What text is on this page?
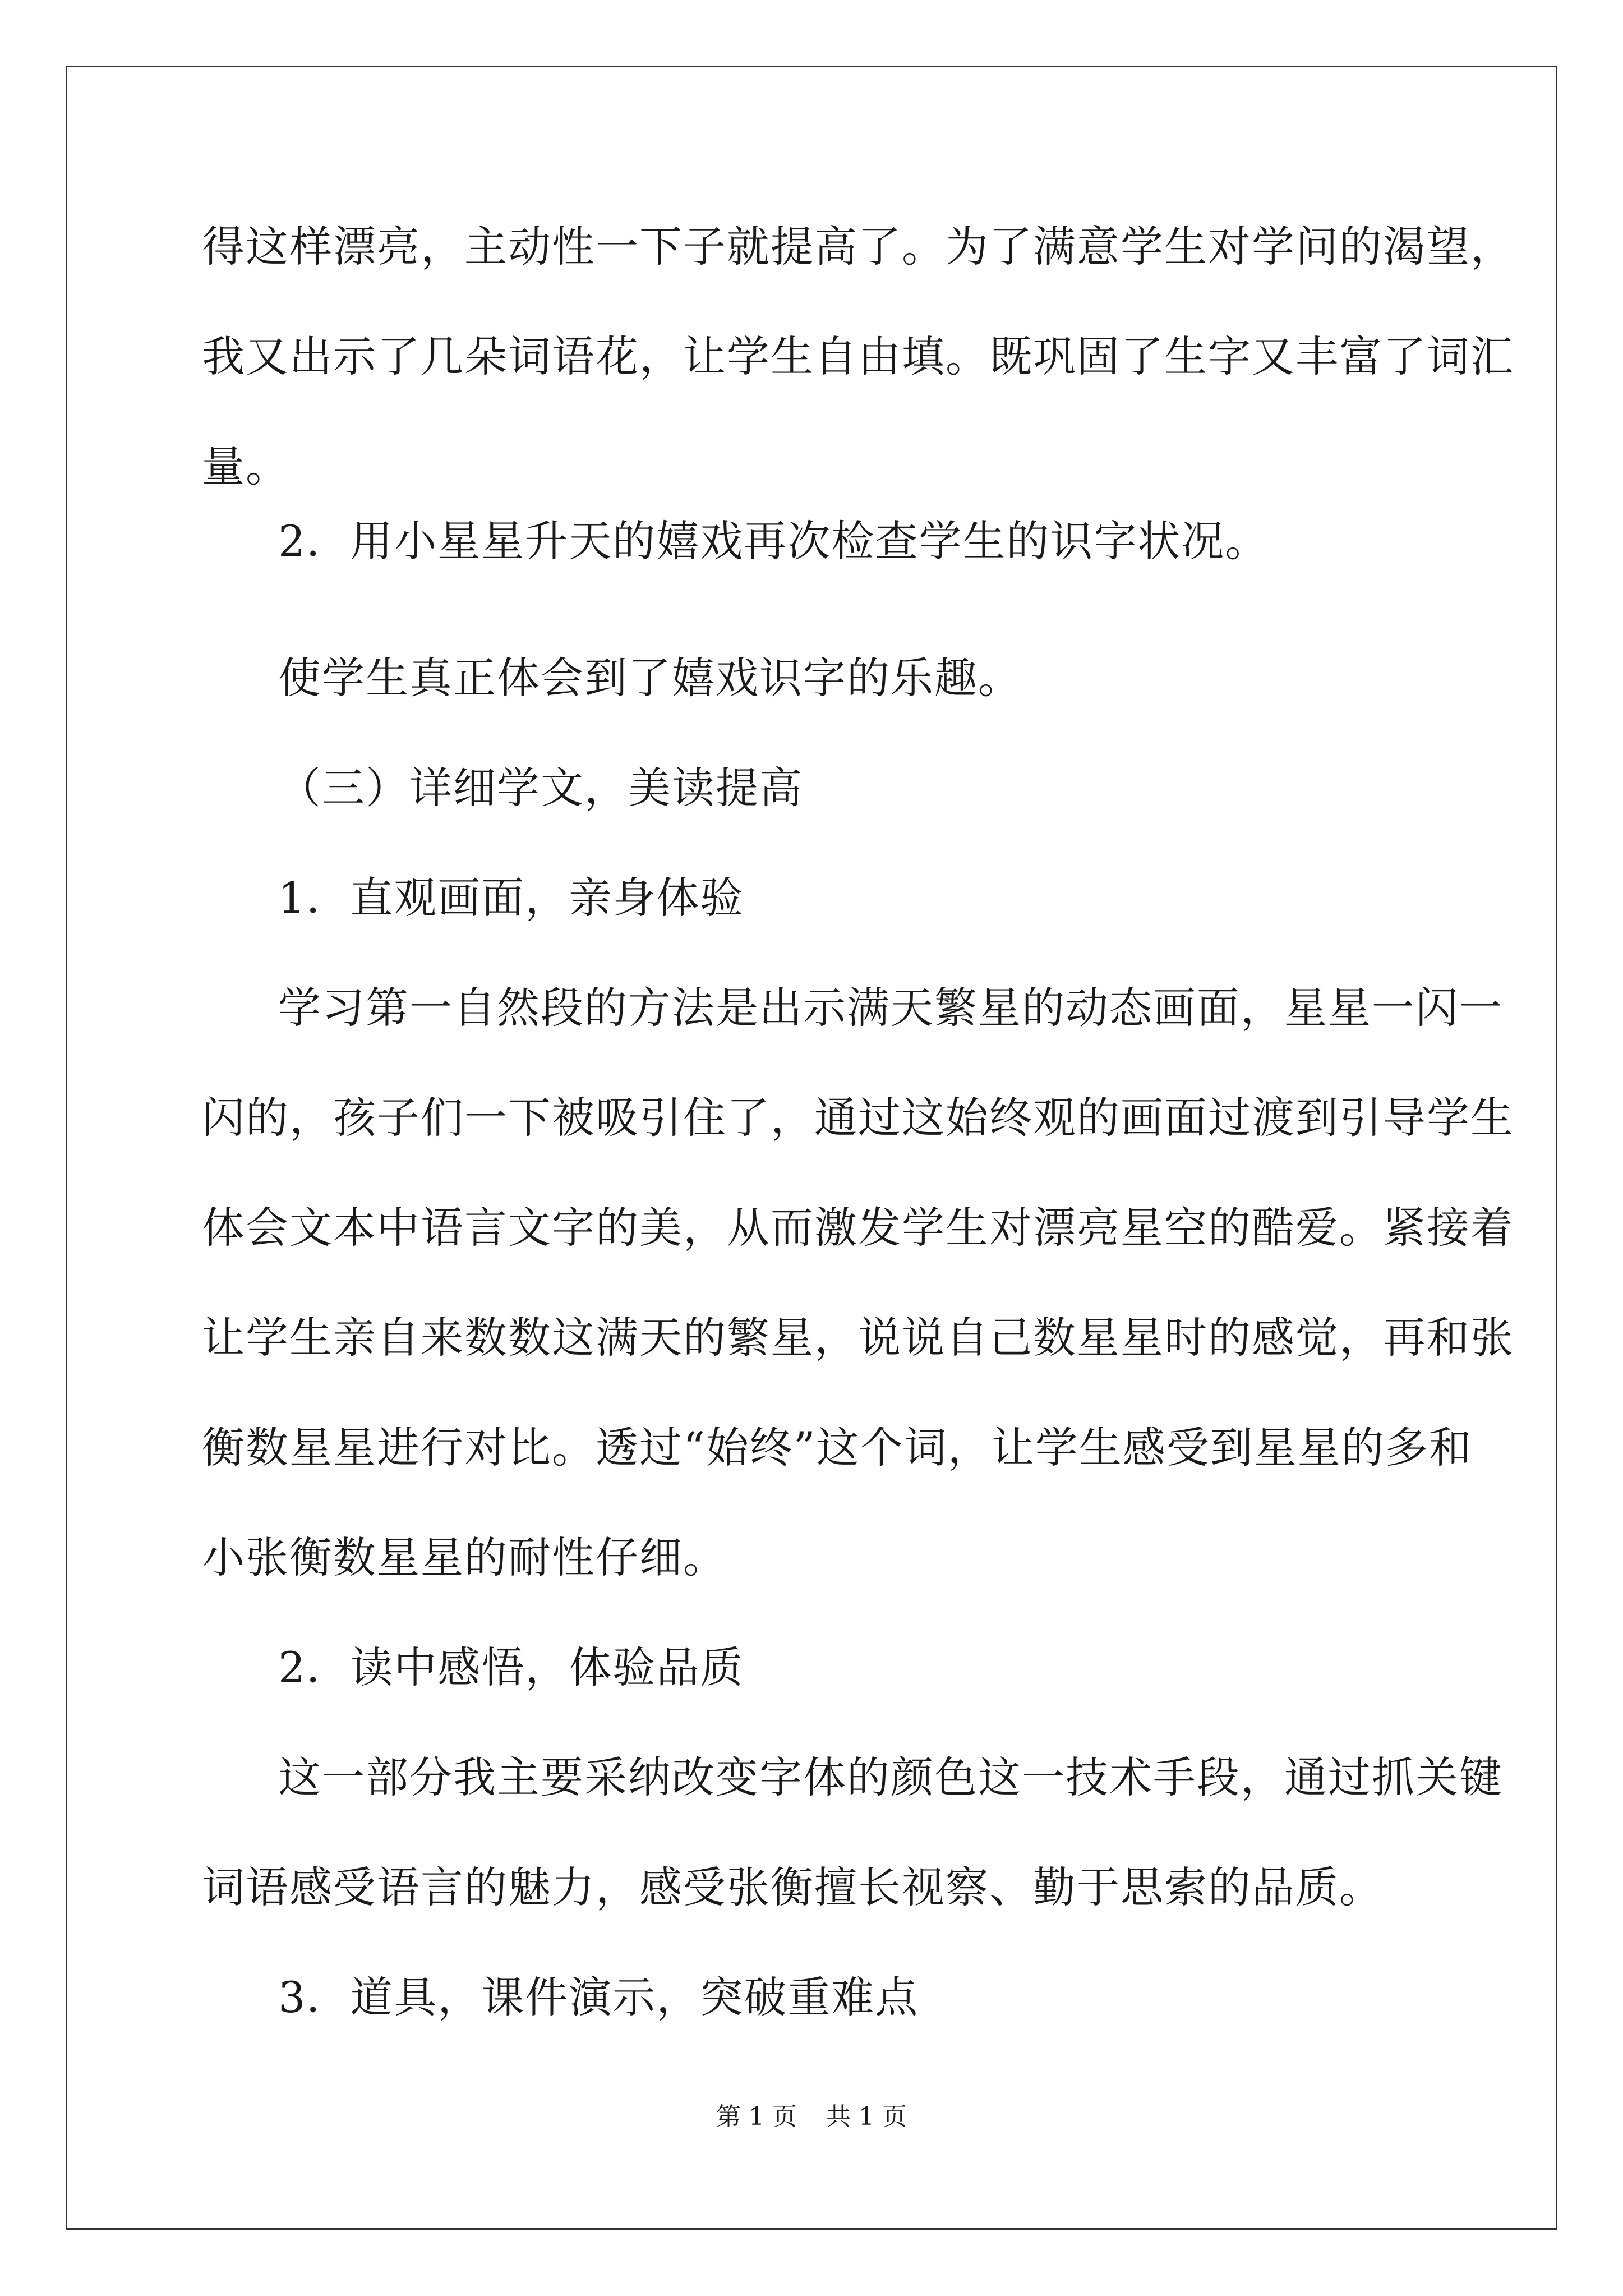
得这样漂亮，主动性一下子就提高了。为了满意学生对学问的渴望，
我又出示了几朵词语花，让学生自由填。既巩固了生字又丰富了词汇
量。
2．用小星星升天的嬉戏再次检查学生的识字状况。
使学生真正体会到了嬉戏识字的乐趣。
（三）详细学文，美读提高
1．直观画面，亲身体验
学习第一自然段的方法是出示满天繁星的动态画面，星星一闪一
闪的，孩子们一下被吸引住了，通过这始终观的画面过渡到引导学生
体会文本中语言文字的美，从而激发学生对漂亮星空的酷爱。紧接着
让学生亲自来数数这满天的繁星，说说自己数星星时的感觉，再和张
衡数星星进行对比。透过“始终”这个词，让学生感受到星星的多和
小张衡数星星的耐性仔细。
2．读中感悟，体验品质
这一部分我主要采纳改变字体的颜色这一技术手段，通过抓关键
词语感受语言的魅力，感受张衡擅长视察、勤于思索的品质。
3．道具，课件演示，突破重难点
第 1 页 共 1 页
